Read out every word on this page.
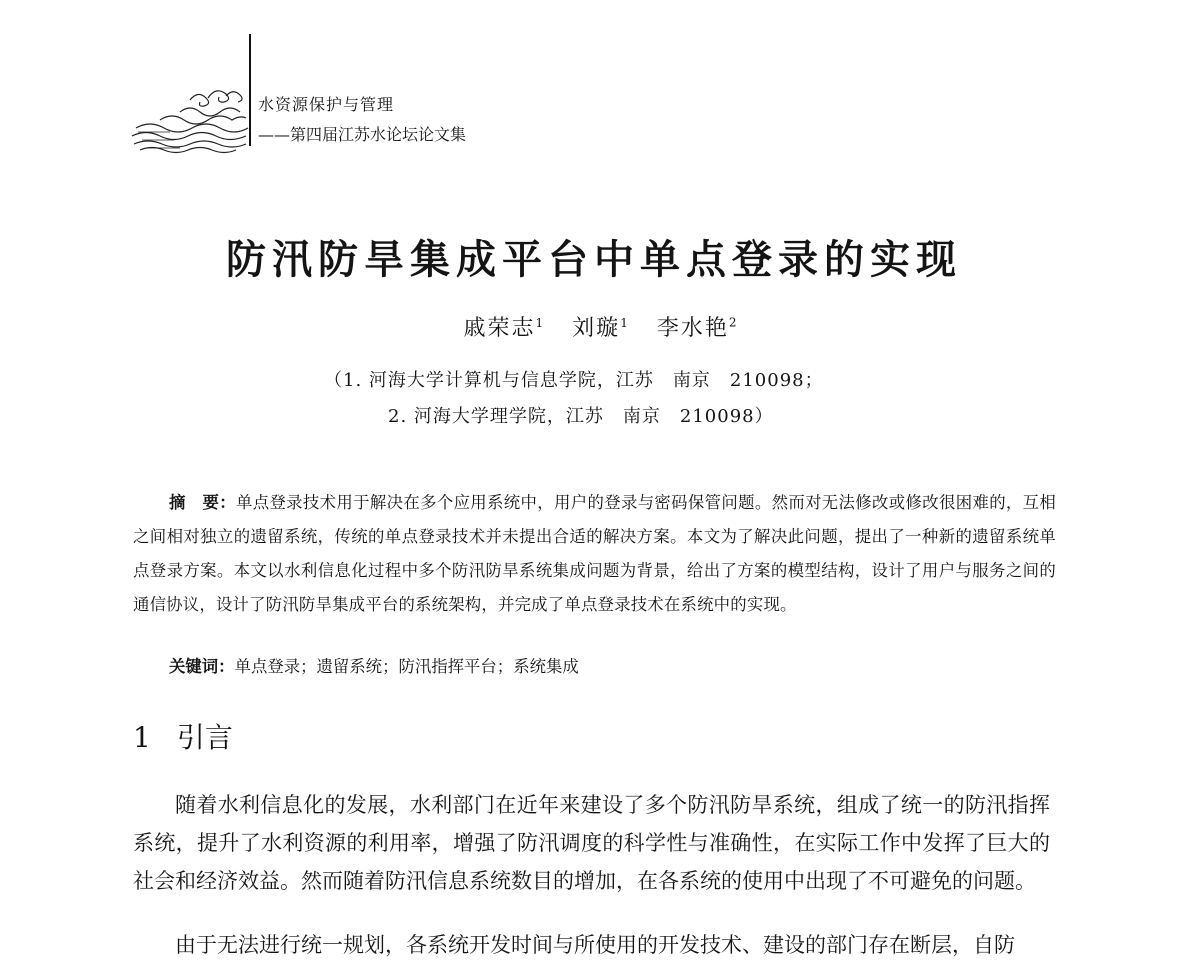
水资源保护与管理
——第四届江苏水论坛论文集
防汛防旱集成平台中单点登录的实现
戚荣志$^1$ 刘璇$^1$ 李水艳$^2$
（1. 河海大学计算机与信息学院，江苏　南京　210098；
2. 河海大学理学院，江苏　南京　210098）
摘　要：单点登录技术用于解决在多个应用系统中，用户的登录与密码保管问题。然而对无法修改或修改很困难的，互相之间相对独立的遗留系统，传统的单点登录技术并未提出合适的解决方案。本文为了解决此问题，提出了一种新的遗留系统单点登录方案。本文以水利信息化过程中多个防汛防旱系统集成问题为背景，给出了方案的模型结构，设计了用户与服务之间的通信协议，设计了防汛防旱集成平台的系统架构，并完成了单点登录技术在系统中的实现。
关键词：单点登录；遗留系统；防汛指挥平台；系统集成
1 引言
随着水利信息化的发展，水利部门在近年来建设了多个防汛防旱系统，组成了统一的防汛指挥系统，提升了水利资源的利用率，增强了防汛调度的科学性与准确性，在实际工作中发挥了巨大的社会和经济效益。然而随着防汛信息系统数目的增加，在各系统的使用中出现了不可避免的问题。
由于无法进行统一规划，各系统开发时间与所使用的开发技术、建设的部门存在断层，自防
